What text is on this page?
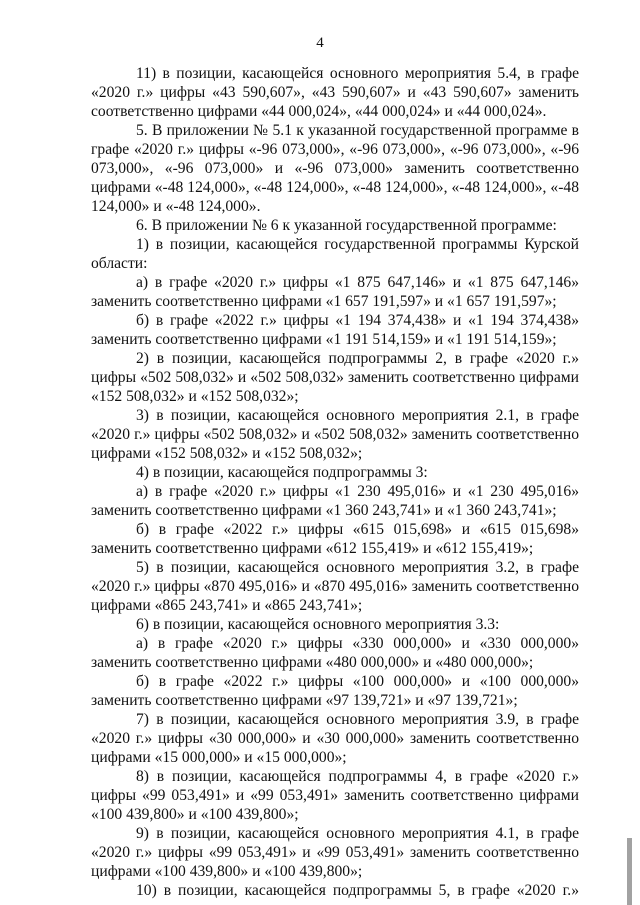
4

11) в позиции, касающейся основного мероприятия 5.4, в графе «2020 г.» цифры «43 590,607», «43 590,607» и «43 590,607» заменить соответственно цифрами «44 000,024», «44 000,024» и «44 000,024».

5. В приложении № 5.1 к указанной государственной программе в графе «2020 г.» цифры «-96 073,000», «-96 073,000», «-96 073,000», «-96 073,000», «-96 073,000» и «-96 073,000» заменить соответственно цифрами «-48 124,000», «-48 124,000», «-48 124,000», «-48 124,000», «-48 124,000» и «-48 124,000».

6. В приложении № 6 к указанной государственной программе:

1) в позиции, касающейся государственной программы Курской области:

а) в графе «2020 г.» цифры «1 875 647,146» и «1 875 647,146» заменить соответственно цифрами «1 657 191,597» и «1 657 191,597»;

б) в графе «2022 г.» цифры «1 194 374,438» и «1 194 374,438» заменить соответственно цифрами «1 191 514,159» и «1 191 514,159»;

2) в позиции, касающейся подпрограммы 2, в графе «2020 г.» цифры «502 508,032» и «502 508,032» заменить соответственно цифрами «152 508,032» и «152 508,032»;

3) в позиции, касающейся основного мероприятия 2.1, в графе «2020 г.» цифры «502 508,032» и «502 508,032» заменить соответственно цифрами «152 508,032» и «152 508,032»;

4) в позиции, касающейся подпрограммы 3:

а) в графе «2020 г.» цифры «1 230 495,016» и «1 230 495,016» заменить соответственно цифрами «1 360 243,741» и «1 360 243,741»;

б) в графе «2022 г.» цифры «615 015,698» и «615 015,698» заменить соответственно цифрами «612 155,419» и «612 155,419»;

5) в позиции, касающейся основного мероприятия 3.2, в графе «2020 г.» цифры «870 495,016» и «870 495,016» заменить соответственно цифрами «865 243,741» и «865 243,741»;

6) в позиции, касающейся основного мероприятия 3.3:

а) в графе «2020 г.» цифры «330 000,000» и «330 000,000» заменить соответственно цифрами «480 000,000» и «480 000,000»;

б) в графе «2022 г.» цифры «100 000,000» и «100 000,000» заменить соответственно цифрами «97 139,721» и «97 139,721»;

7) в позиции, касающейся основного мероприятия 3.9, в графе «2020 г.» цифры «30 000,000» и «30 000,000» заменить соответственно цифрами «15 000,000» и «15 000,000»;

8) в позиции, касающейся подпрограммы 4, в графе «2020 г.» цифры «99 053,491» и «99 053,491» заменить соответственно цифрами «100 439,800» и «100 439,800»;

9) в позиции, касающейся основного мероприятия 4.1, в графе «2020 г.» цифры «99 053,491» и «99 053,491» заменить соответственно цифрами «100 439,800» и «100 439,800»;

10) в позиции, касающейся подпрограммы 5, в графе «2020 г.»
